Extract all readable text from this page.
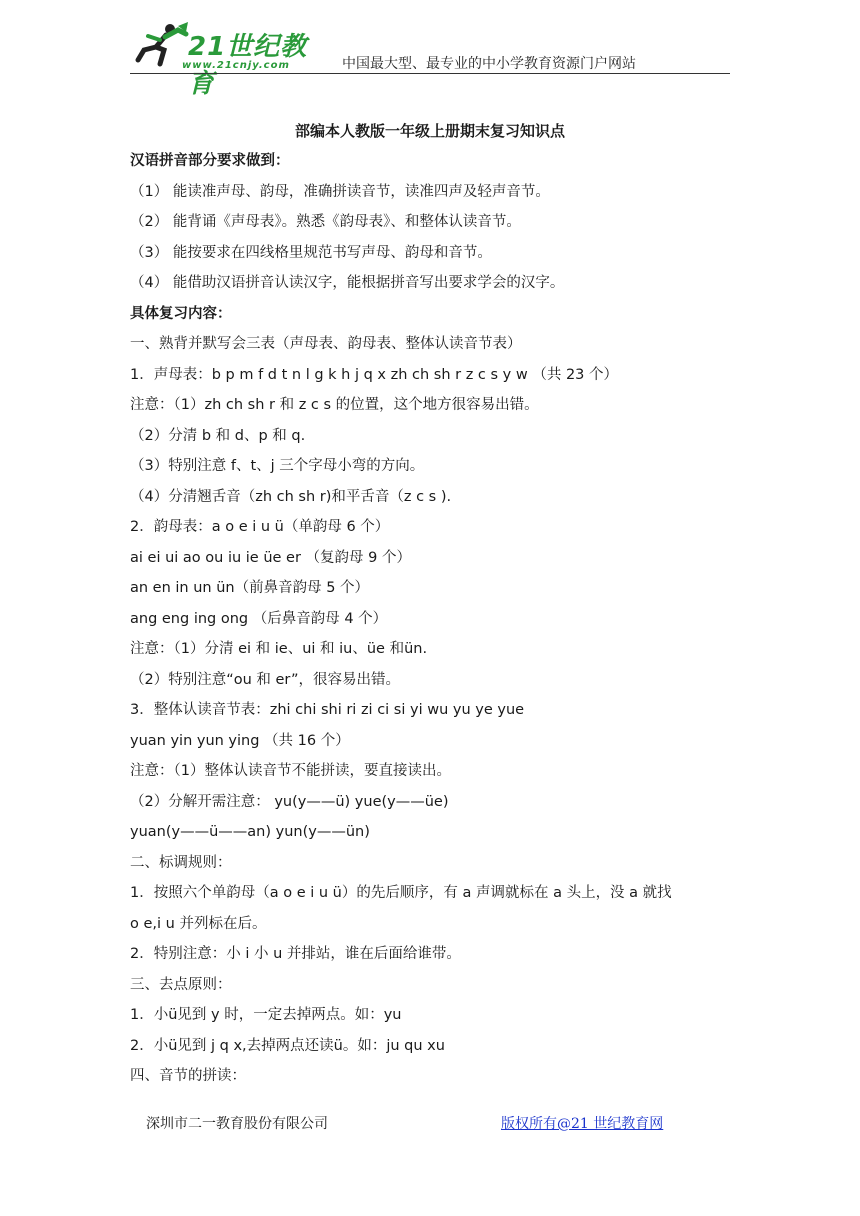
21世纪教育
www.21cnjy.com	中国最大型、最专业的中小学教育资源门户网站
部编本人教版一年级上册期末复习知识点
汉语拼音部分要求做到：
（1） 能读准声母、韵母，准确拼读音节，读准四声及轻声音节。
（2） 能背诵《声母表》。熟悉《韵母表》、和整体认读音节。
（3） 能按要求在四线格里规范书写声母、韵母和音节。
（4） 能借助汉语拼音认读汉字，能根据拼音写出要求学会的汉字。
具体复习内容：
一、熟背并默写会三表（声母表、韵母表、整体认读音节表）
1．声母表：b p m f d t n l g k h j q x zh ch sh r z c s y w （共 23 个）
注意：（1）zh ch sh r 和 z c s 的位置，这个地方很容易出错。
（2）分清 b 和 d、p 和 q.
（3）特别注意 f、t、j 三个字母小弯的方向。
（4）分清翘舌音（zh ch sh r)和平舌音（z c s ).
2．韵母表：a o e i u ü（单韵母 6 个）
ai ei ui ao ou iu ie üe er （复韵母 9 个）
an en in un ün（前鼻音韵母 5 个）
ang eng ing ong （后鼻音韵母 4 个）
注意：（1）分清 ei 和 ie、ui 和 iu、üe 和ün.
（2）特别注意“ou 和 er”，很容易出错。
3．整体认读音节表：zhi chi shi ri zi ci si yi wu yu ye yue
yuan yin yun ying （共 16 个）
注意：（1）整体认读音节不能拼读，要直接读出。
（2）分解开需注意： yu(y——ü) yue(y——üe)
yuan(y——ü——an) yun(y——ün)
二、标调规则：
1．按照六个单韵母（a o e i u ü）的先后顺序，有 a 声调就标在 a 头上，没 a 就找
o e,i u 并列标在后。
2．特别注意：小 i 小 u 并排站，谁在后面给谁带。
三、去点原则：
1．小ü见到 y 时，一定去掉两点。如：yu
2．小ü见到 j q x,去掉两点还读ü。如：ju qu xu
四、音节的拼读：
深圳市二一教育股份有限公司	版权所有@21 世纪教育网
